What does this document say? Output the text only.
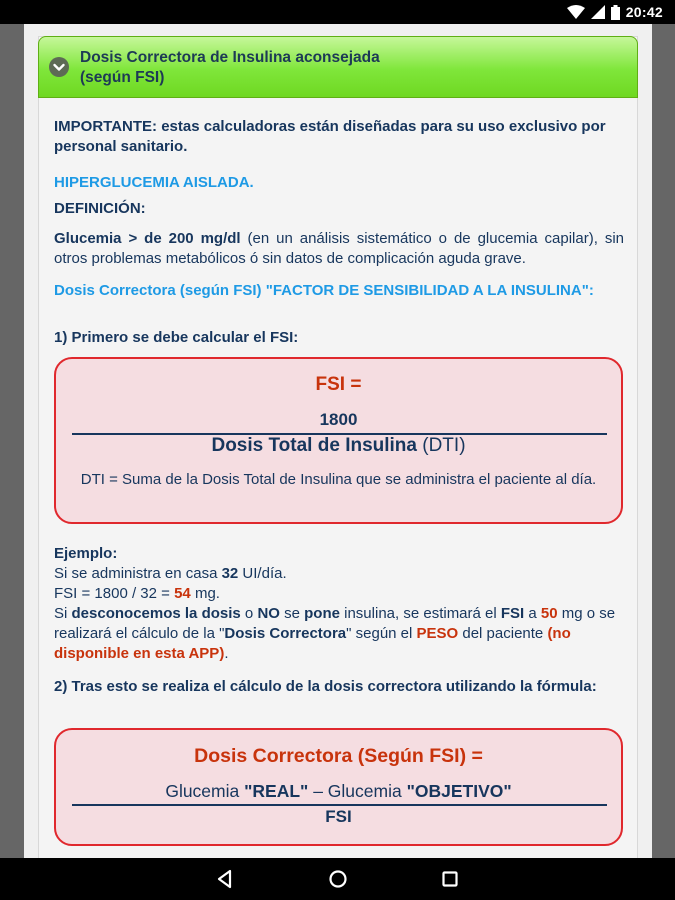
20:42
Dosis Correctora de Insulina aconsejada
(según FSI)
IMPORTANTE: estas calculadoras están diseñadas para su uso exclusivo por personal sanitario.
HIPERGLUCEMIA AISLADA.
DEFINICIÓN:
Glucemia > de 200 mg/dl (en un análisis sistemático o de glucemia capilar), sin otros problemas metabólicos ó sin datos de complicación aguda grave.
Dosis Correctora (según FSI) "FACTOR DE SENSIBILIDAD A LA INSULINA":
1) Primero se debe calcular el FSI:
FSI =
1800
Dosis Total de Insulina (DTI)
DTI = Suma de la Dosis Total de Insulina que se administra el paciente al día.
Ejemplo:
Si se administra en casa 32 UI/día.
FSI = 1800 / 32 = 54 mg.
Si desconocemos la dosis o NO se pone insulina, se estimará el FSI a 50 mg o se realizará el cálculo de la "Dosis Correctora" según el PESO del paciente (no disponible en esta APP).
2) Tras esto se realiza el cálculo de la dosis correctora utilizando la fórmula:
Dosis Correctora (Según FSI) =
Glucemia "REAL" – Glucemia "OBJETIVO"
FSI
